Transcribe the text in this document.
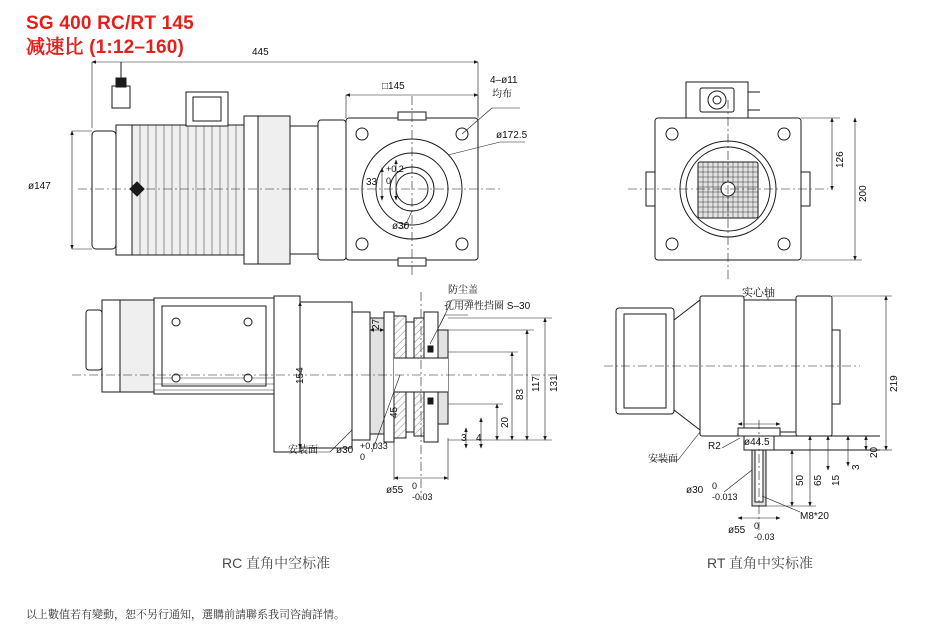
SG 400 RC/RT 145
减速比 (1:12–160)	445
ø147
□145
4–ø11
均布
ø172.5
ø30
33
+0.2
0
126
200
154
27
45
3 4
20
83
117 131
安装面 ø30 +0.033
0
ø55 0
-0.03
防尘盖
孔用弹性挡圈 S–30
实心轴
ø44.5
R2
安装面
ø30 0
-0.013
ø55 0
-0.03
M8*20
50 65 15
3
20
219
RC 直角中空标准	RT 直角中实标准
以上數值若有變動，恕不另行通知，選購前請聯系我司咨詢詳情。
